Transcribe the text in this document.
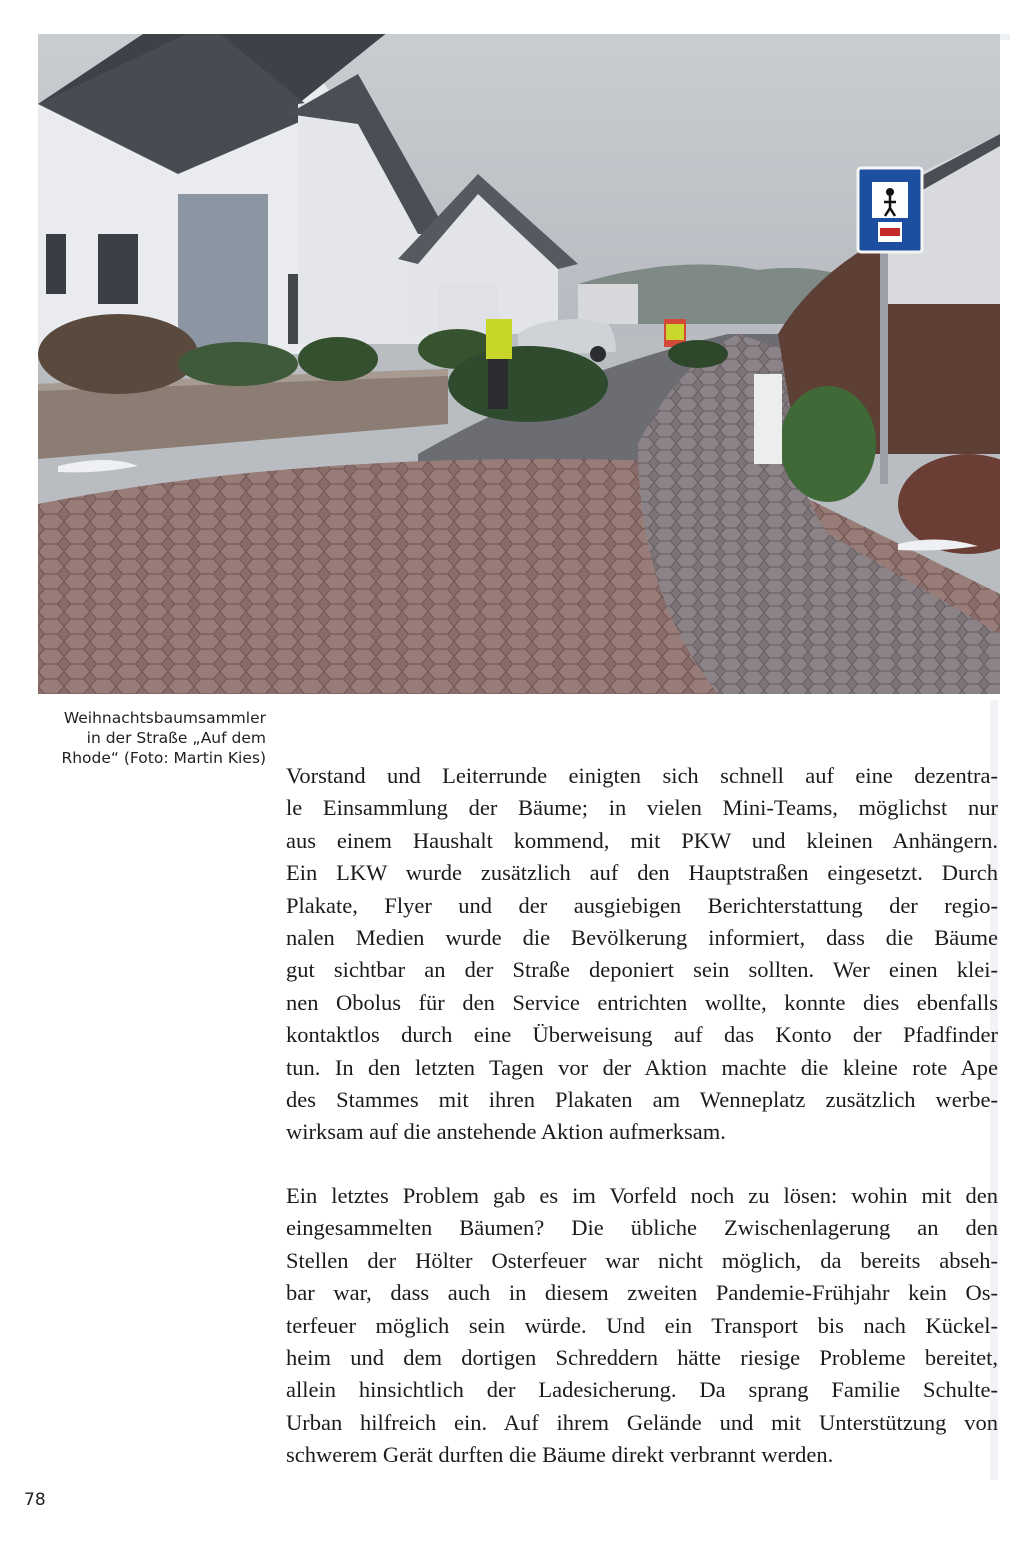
Weihnachtsbaumsammler
in der Straße „Auf dem
Rhode“ (Foto: Martin Kies)
Vorstand und Leiterrunde einigten sich schnell auf eine dezentra-
le Einsammlung der Bäume; in vielen Mini-Teams, möglichst nur
aus einem Haushalt kommend, mit PKW und kleinen Anhängern.
Ein LKW wurde zusätzlich auf den Hauptstraßen eingesetzt. Durch
Plakate, Flyer und der ausgiebigen Berichterstattung der regio-
nalen Medien wurde die Bevölkerung informiert, dass die Bäume
gut sichtbar an der Straße deponiert sein sollten. Wer einen klei-
nen Obolus für den Service entrichten wollte, konnte dies ebenfalls
kontaktlos durch eine Überweisung auf das Konto der Pfadfinder
tun. In den letzten Tagen vor der Aktion machte die kleine rote Ape
des Stammes mit ihren Plakaten am Wenneplatz zusätzlich werbe-
wirksam auf die anstehende Aktion aufmerksam.
Ein letztes Problem gab es im Vorfeld noch zu lösen: wohin mit den
eingesammelten Bäumen? Die übliche Zwischenlagerung an den
Stellen der Hölter Osterfeuer war nicht möglich, da bereits abseh-
bar war, dass auch in diesem zweiten Pandemie-Frühjahr kein Os-
terfeuer möglich sein würde. Und ein Transport bis nach Kückel-
heim und dem dortigen Schreddern hätte riesige Probleme bereitet,
allein hinsichtlich der Ladesicherung. Da sprang Familie Schulte-
Urban hilfreich ein. Auf ihrem Gelände und mit Unterstützung von
schwerem Gerät durften die Bäume direkt verbrannt werden.
78
